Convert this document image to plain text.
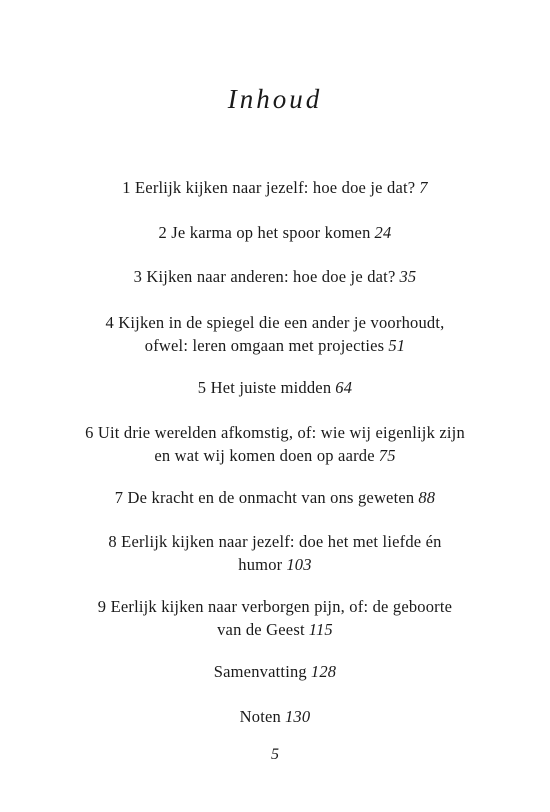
Inhoud
1 Eerlijk kijken naar jezelf: hoe doe je dat? 7
2 Je karma op het spoor komen 24
3 Kijken naar anderen: hoe doe je dat? 35
4 Kijken in de spiegel die een ander je voorhoudt,
ofwel: leren omgaan met projecties 51
5 Het juiste midden 64
6 Uit drie werelden afkomstig, of: wie wij eigenlijk zijn
en wat wij komen doen op aarde 75
7 De kracht en de onmacht van ons geweten 88
8 Eerlijk kijken naar jezelf: doe het met liefde én
humor 103
9 Eerlijk kijken naar verborgen pijn, of: de geboorte
van de Geest 115
Samenvatting 128
Noten 130
5
